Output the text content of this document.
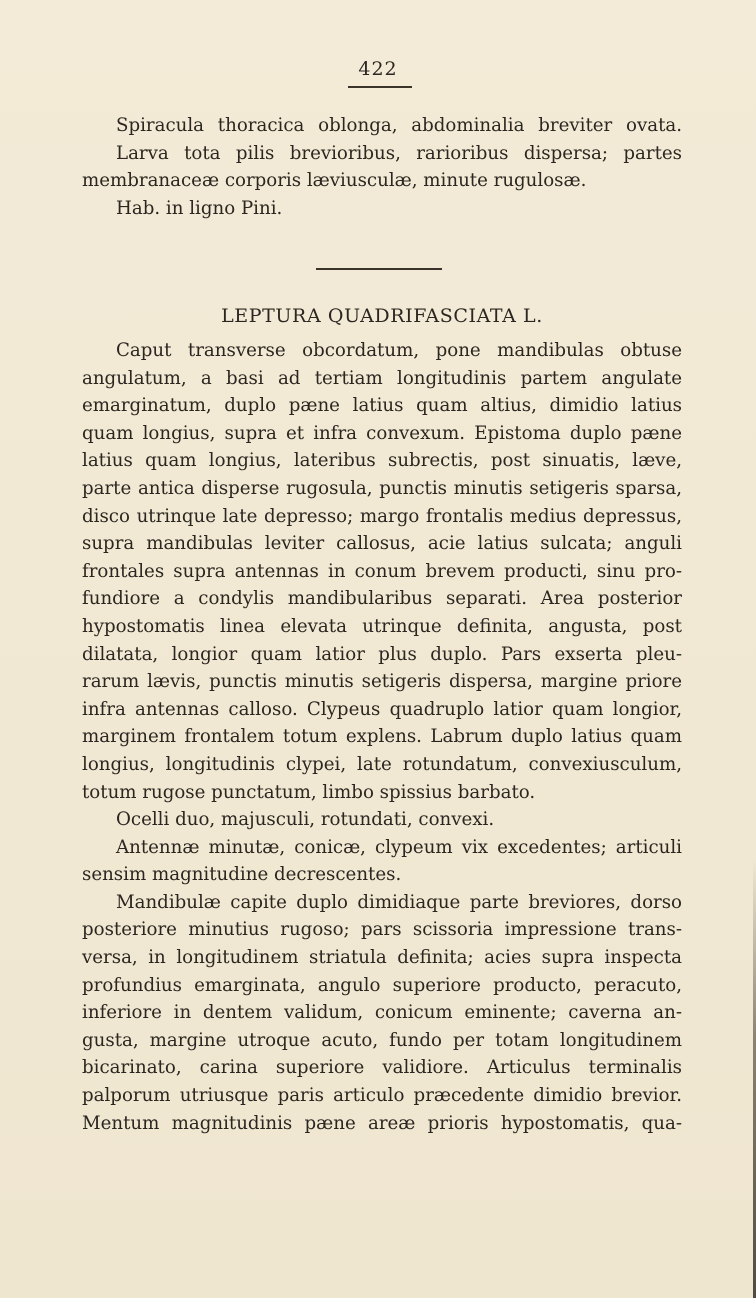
422
Spiracula thoracica oblonga, abdominalia breviter ovata.
Larva tota pilis brevioribus, rarioribus dispersa; partes
membranaceæ corporis læviusculæ, minute rugulosæ.
Hab. in ligno Pini.
LEPTURA QUADRIFASCIATA L.
Caput transverse obcordatum, pone mandibulas obtuse
angulatum, a basi ad tertiam longitudinis partem angulate
emarginatum, duplo pæne latius quam altius, dimidio latius
quam longius, supra et infra convexum. Epistoma duplo pæne
latius quam longius, lateribus subrectis, post sinuatis, læve,
parte antica disperse rugosula, punctis minutis setigeris sparsa,
disco utrinque late depresso; margo frontalis medius depressus,
supra mandibulas leviter callosus, acie latius sulcata; anguli
frontales supra antennas in conum brevem producti, sinu pro-
fundiore a condylis mandibularibus separati. Area posterior
hypostomatis linea elevata utrinque definita, angusta, post
dilatata, longior quam latior plus duplo. Pars exserta pleu-
rarum lævis, punctis minutis setigeris dispersa, margine priore
infra antennas calloso. Clypeus quadruplo latior quam longior,
marginem frontalem totum explens. Labrum duplo latius quam
longius, longitudinis clypei, late rotundatum, convexiusculum,
totum rugose punctatum, limbo spissius barbato.
Ocelli duo, majusculi, rotundati, convexi.
Antennæ minutæ, conicæ, clypeum vix excedentes; articuli
sensim magnitudine decrescentes.
Mandibulæ capite duplo dimidiaque parte breviores, dorso
posteriore minutius rugoso; pars scissoria impressione trans-
versa, in longitudinem striatula definita; acies supra inspecta
profundius emarginata, angulo superiore producto, peracuto,
inferiore in dentem validum, conicum eminente; caverna an-
gusta, margine utroque acuto, fundo per totam longitudinem
bicarinato, carina superiore validiore. Articulus terminalis
palporum utriusque paris articulo præcedente dimidio brevior.
Mentum magnitudinis pæne areæ prioris hypostomatis, qua-
